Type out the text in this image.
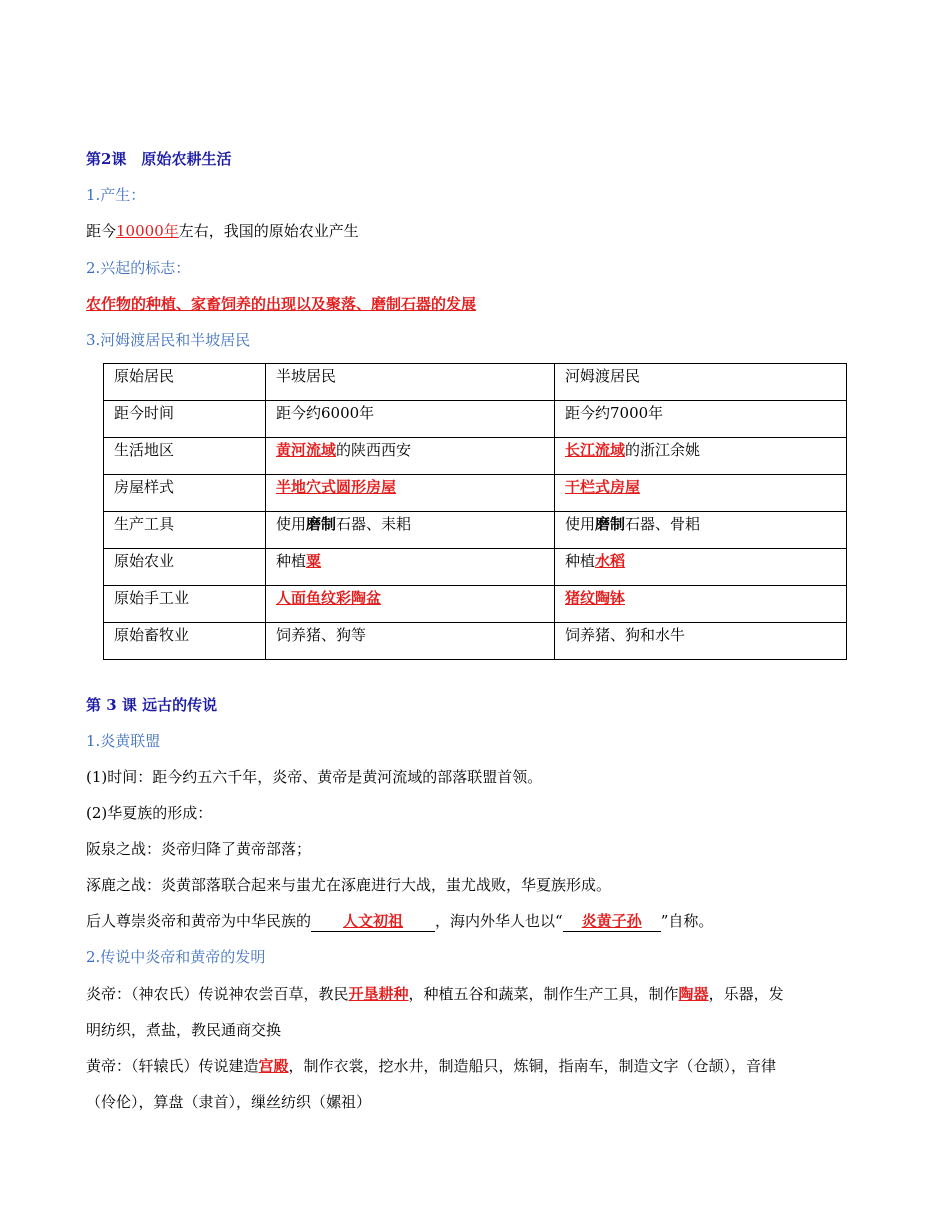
第2课　原始农耕生活
1.产生：
距今10000年左右，我国的原始农业产生
2.兴起的标志：
农作物的种植、家畜饲养的出现以及聚落、磨制石器的发展
3.河姆渡居民和半坡居民
原始居民	半坡居民	河姆渡居民
距今时间	距今约6000年	距今约7000年
生活地区	黄河流域的陕西西安	长江流域的浙江余姚
房屋样式	半地穴式圆形房屋	干栏式房屋
生产工具	使用磨制石器、耒耜	使用磨制石器、骨耜
原始农业	种植粟	种植水稻
原始手工业	人面鱼纹彩陶盆	猪纹陶钵
原始畜牧业	饲养猪、狗等	饲养猪、狗和水牛
第 3 课 远古的传说
1.炎黄联盟
(1)时间：距今约五六千年，炎帝、黄帝是黄河流域的部落联盟首领。
(2)华夏族的形成：
阪泉之战：炎帝归降了黄帝部落；
涿鹿之战：炎黄部落联合起来与蚩尤在涿鹿进行大战，蚩尤战败，华夏族形成。
后人尊崇炎帝和黄帝为中华民族的 人文初祖 ，海内外华人也以“ 炎黄子孙 ”自称。
2.传说中炎帝和黄帝的发明
炎帝：（神农氏）传说神农尝百草，教民开垦耕种，种植五谷和蔬菜，制作生产工具，制作陶器，乐器，发
明纺织，煮盐，教民通商交换
黄帝：（轩辕氏）传说建造宫殿，制作衣裳，挖水井，制造船只，炼铜，指南车，制造文字（仓颉），音律
（伶伦），算盘（隶首），缫丝纺织（嫘祖）
